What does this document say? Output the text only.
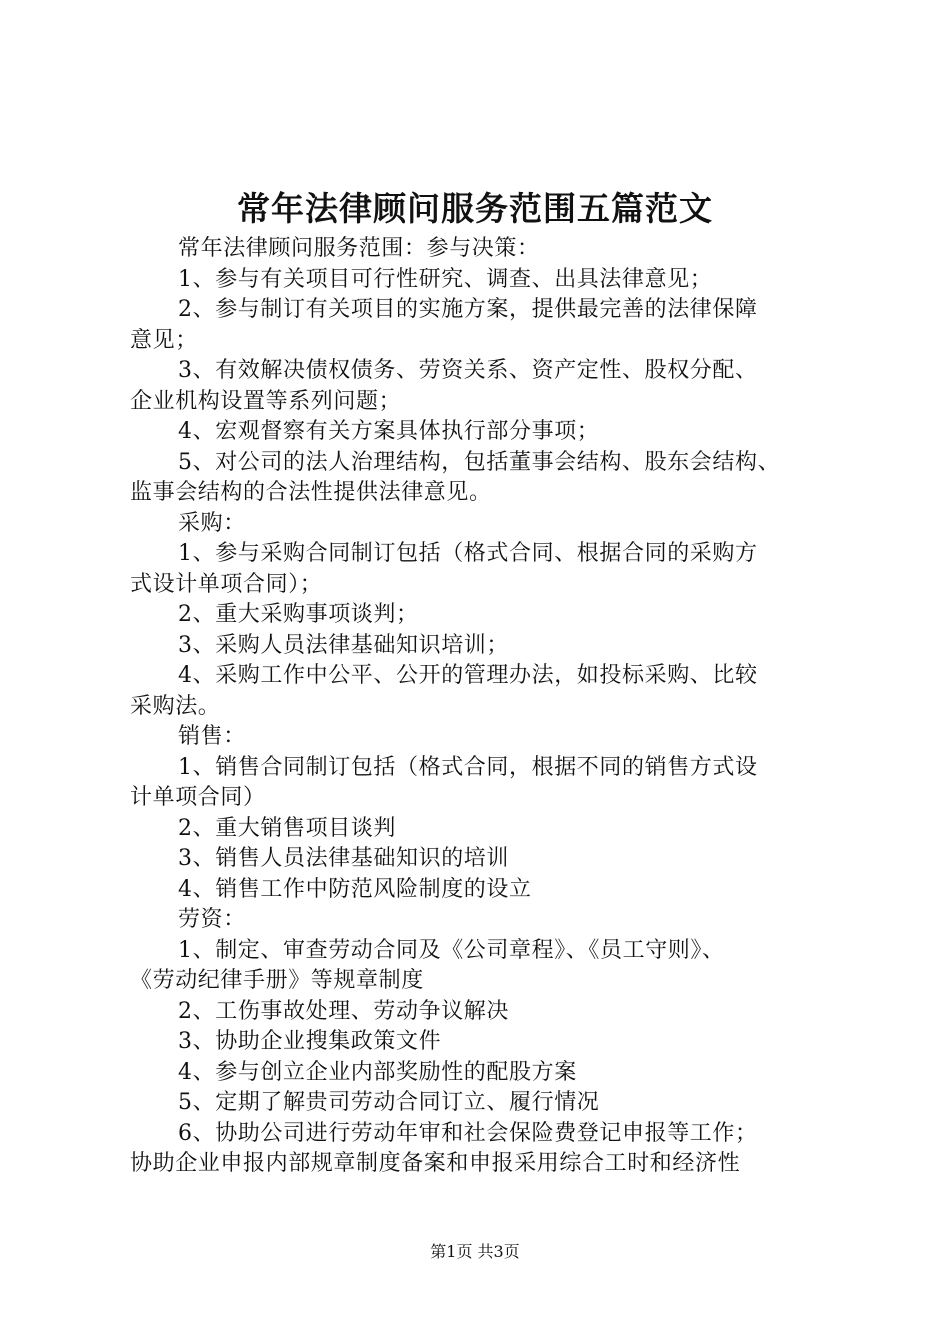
常年法律顾问服务范围五篇范文
常年法律顾问服务范围：参与决策：
1、参与有关项目可行性研究、调查、出具法律意见；
2、参与制订有关项目的实施方案，提供最完善的法律保障
意见；
3、有效解决债权债务、劳资关系、资产定性、股权分配、
企业机构设置等系列问题；
4、宏观督察有关方案具体执行部分事项；
5、对公司的法人治理结构，包括董事会结构、股东会结构、
监事会结构的合法性提供法律意见。
采购：
1、参与采购合同制订包括（格式合同、根据合同的采购方
式设计单项合同）；
2、重大采购事项谈判；
3、采购人员法律基础知识培训；
4、采购工作中公平、公开的管理办法，如投标采购、比较
采购法。
销售：
1、销售合同制订包括（格式合同，根据不同的销售方式设
计单项合同）
2、重大销售项目谈判
3、销售人员法律基础知识的培训
4、销售工作中防范风险制度的设立
劳资：
1、制定、审查劳动合同及《公司章程》、《员工守则》、
《劳动纪律手册》等规章制度
2、工伤事故处理、劳动争议解决
3、协助企业搜集政策文件
4、参与创立企业内部奖励性的配股方案
5、定期了解贵司劳动合同订立、履行情况
6、协助公司进行劳动年审和社会保险费登记申报等工作；
协助企业申报内部规章制度备案和申报采用综合工时和经济性
第1页 共3页
